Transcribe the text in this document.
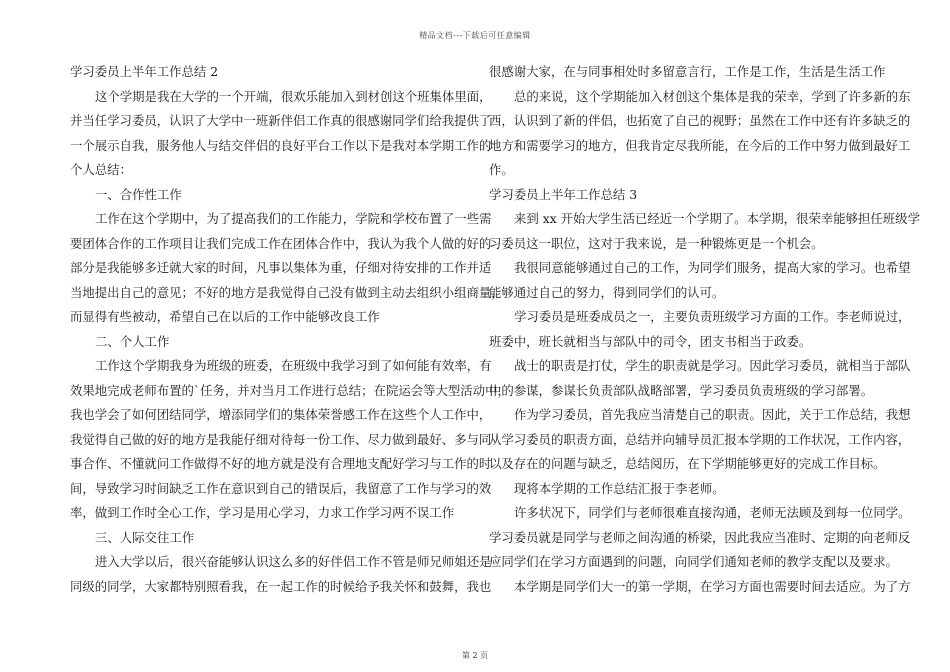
精品文档---下载后可任意编辑
学习委员上半年工作总结 2
这个学期是我在大学的一个开端，很欢乐能加入到材创这个班集体里面，
并当任学习委员，认识了大学中一班新伴侣工作真的很感谢同学们给我提供了
一个展示自我，服务他人与结交伴侣的良好平台工作以下是我对本学期工作的
个人总结：
一、合作性工作
工作在这个学期中，为了提高我们的工作能力，学院和学校布置了一些需
要团体合作的工作项目让我们完成工作在团体合作中，我认为我个人做的好的
部分是我能够多迁就大家的时间，凡事以集体为重，仔细对待安排的工作并适
当地提出自己的意见；不好的地方是我觉得自己没有做到主动去组织小组商量，
而显得有些被动，希望自己在以后的工作中能够改良工作
二、个人工作
工作这个学期我身为班级的班委，在班级中我学习到了如何能有效率，有
效果地完成老师布置的`任务，并对当月工作进行总结；在院运会等大型活动中，
我也学会了如何团结同学，增添同学们的集体荣誉感工作在这些个人工作中，
我觉得自己做的好的地方是我能仔细对待每一份工作、尽力做到最好、多与同
事合作、不懂就问工作做得不好的地方就是没有合理地支配好学习与工作的时
间，导致学习时间缺乏工作在意识到自己的错误后，我留意了工作与学习的效
率，做到工作时全心工作，学习是用心学习，力求工作学习两不误工作
三、人际交往工作
进入大学以后，很兴奋能够认识这么多的好伴侣工作不管是师兄师姐还是
同级的同学，大家都特别照看我，在一起工作的时候给予我关怀和鼓舞，我也
很感谢大家，在与同事相处时多留意言行，工作是工作，生活是生活工作
总的来说，这个学期能加入材创这个集体是我的荣幸，学到了许多新的东
西，认识到了新的伴侣，也拓宽了自己的视野；虽然在工作中还有许多缺乏的
地方和需要学习的地方，但我肯定尽我所能，在今后的工作中努力做到最好工
作。
学习委员上半年工作总结 3
来到 xx 开始大学生活已经近一个学期了。本学期，很荣幸能够担任班级学
习委员这一职位，这对于我来说，是一种锻炼更是一个机会。
我很同意能够通过自己的工作，为同学们服务，提高大家的学习。也希望
能够通过自己的努力，得到同学们的认可。
学习委员是班委成员之一，主要负责班级学习方面的工作。李老师说过，
班委中，班长就相当与部队中的司令，团支书相当于政委。
战士的职责是打仗，学生的职责就是学习。因此学习委员，就相当于部队
中的参谋，参谋长负责部队战略部署，学习委员负责班级的学习部署。
作为学习委员，首先我应当清楚自己的职责。因此，关于工作总结，我想
从学习委员的职责方面，总结并向辅导员汇报本学期的工作状况，工作内容，
以及存在的问题与缺乏，总结阅历，在下学期能够更好的完成工作目标。
现将本学期的工作总结汇报于李老师。
许多状况下，同学们与老师很难直接沟通，老师无法顾及到每一位同学。
学习委员就是同学与老师之间沟通的桥梁，因此我应当准时、定期的向老师反
应同学们在学习方面遇到的问题，向同学们通知老师的教学支配以及要求。
本学期是同学们大一的第一学期，在学习方面也需要时间去适应。为了方
第 2 页
